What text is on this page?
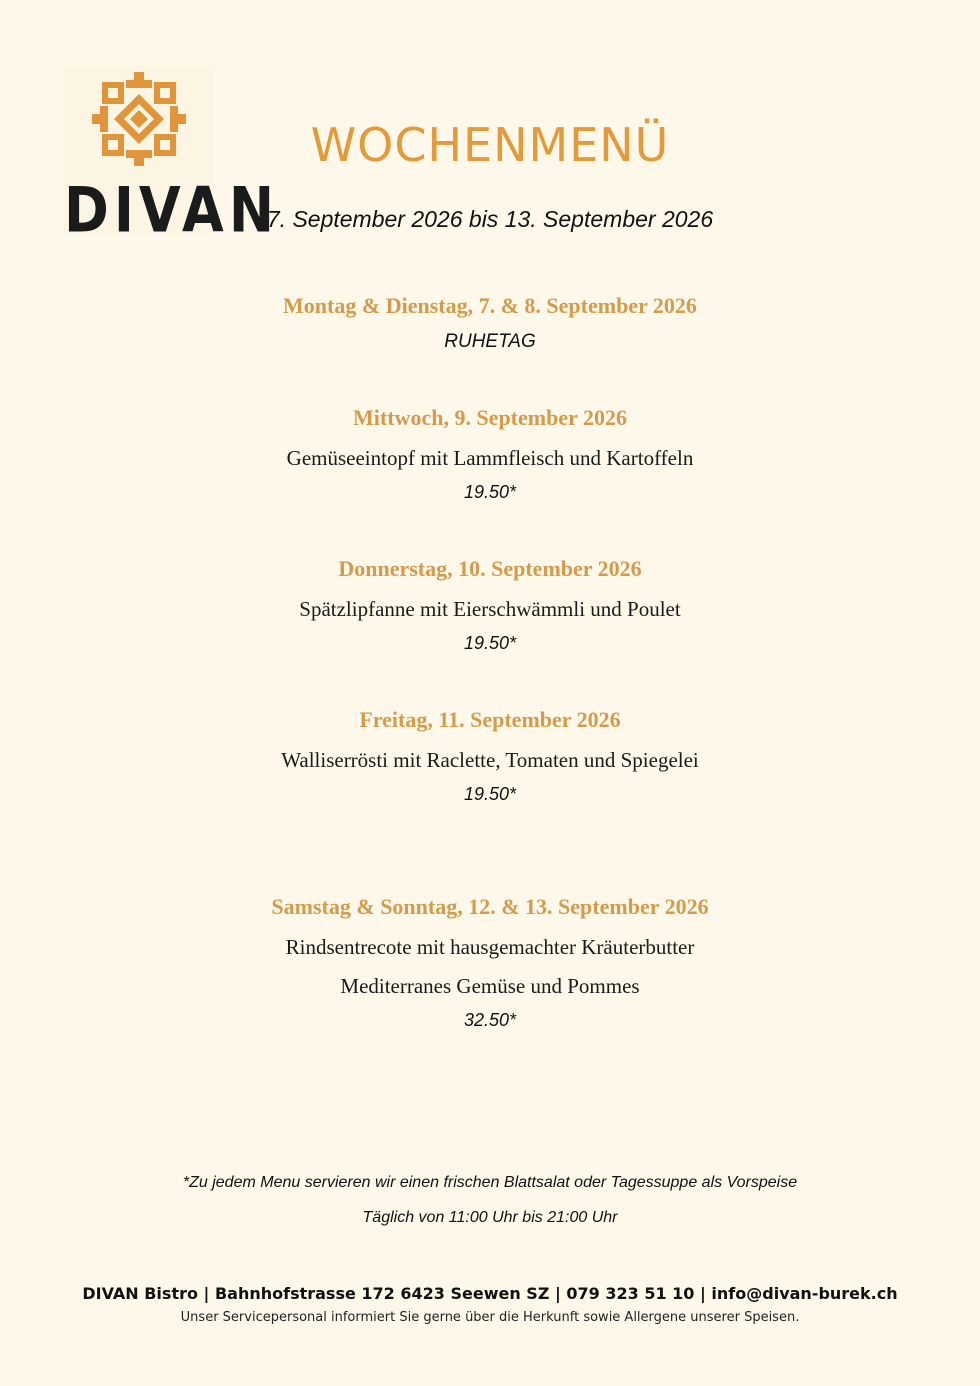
DIVAN
WOCHENMENÜ
7. September 2026 bis 13. September 2026

Montag & Dienstag, 7. & 8. September 2026

RUHETAG

Mittwoch, 9. September 2026

Gemüseeintopf mit Lammfleisch und Kartoffeln

19.50*

Donnerstag, 10. September 2026

Spätzlipfanne mit Eierschwämmli und Poulet

19.50*

Freitag, 11. September 2026

Walliserrösti mit Raclette, Tomaten und Spiegelei

19.50*

Samstag & Sonntag, 12. & 13. September 2026

Rindsentrecote mit hausgemachter Kräuterbutter

Mediterranes Gemüse und Pommes

32.50*

*Zu jedem Menu servieren wir einen frischen Blattsalat oder Tagessuppe als Vorspeise
Täglich von 11:00 Uhr bis 21:00 Uhr
DIVAN Bistro | Bahnhofstrasse 172 6423 Seewen SZ | 079 323 51 10 | info@divan-burek.ch
Unser Servicepersonal informiert Sie gerne über die Herkunft sowie Allergene unserer Speisen.
